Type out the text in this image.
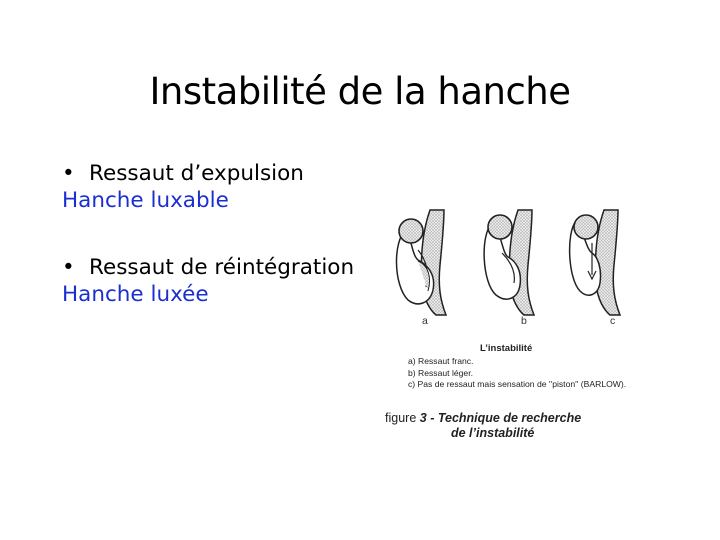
Instabilité de la hanche
• Ressaut d’expulsion
Hanche luxable
• Ressaut de réintégration
Hanche luxée
a	b	c
L’instabilité
a) Ressaut franc.
b) Ressaut léger.
c) Pas de ressaut mais sensation de ''piston'' (BARLOW).
figure 3 - Technique de recherche
de l’instabilité
